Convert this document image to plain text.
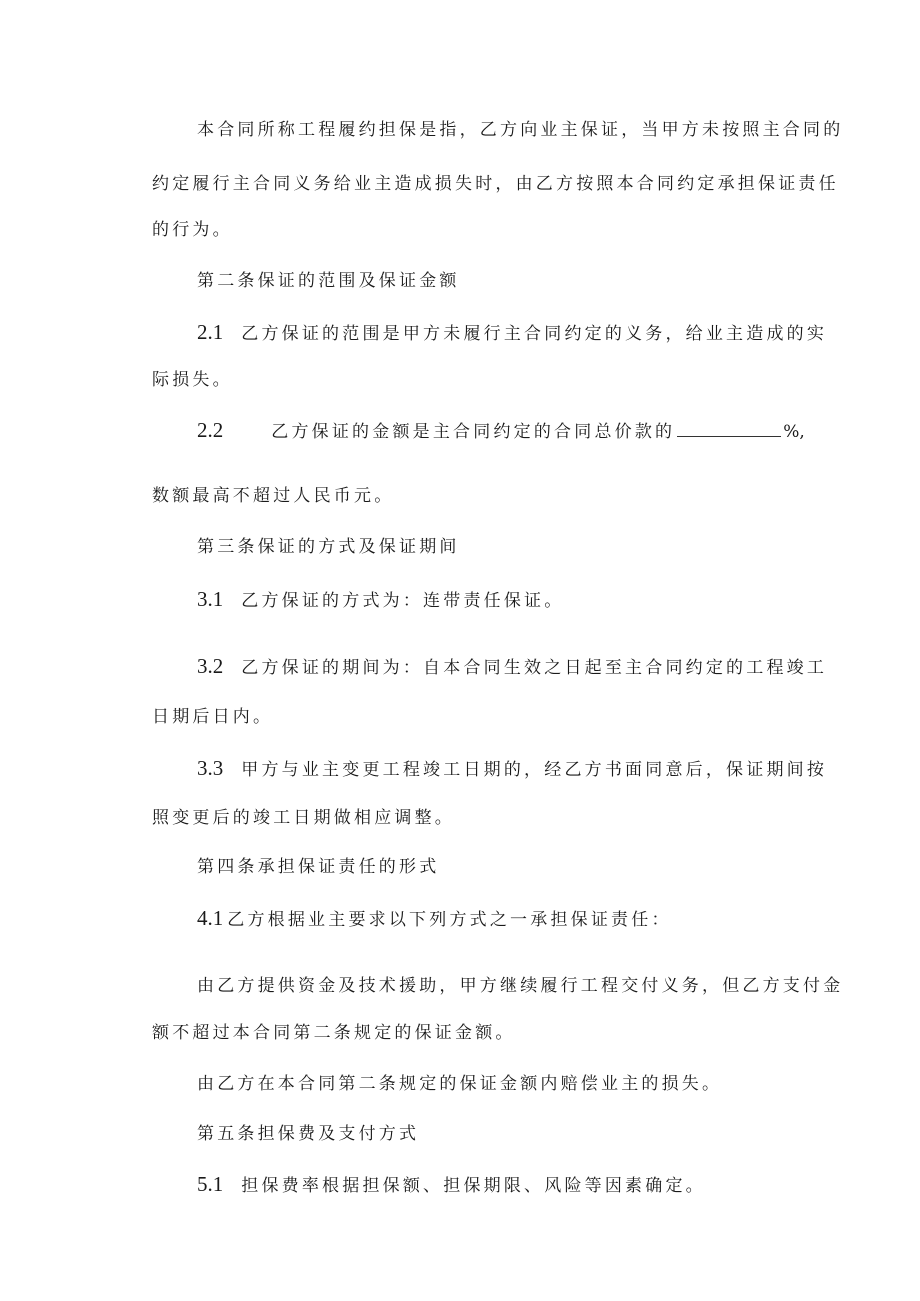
本合同所称工程履约担保是指，乙方向业主保证，当甲方未按照主合同的
约定履行主合同义务给业主造成损失时，由乙方按照本合同约定承担保证责任
的行为。
第二条保证的范围及保证金额
2.1 乙方保证的范围是甲方未履行主合同约定的义务，给业主造成的实
际损失。
2.2	乙方保证的金额是主合同约定的合同总价款的	%,
数额最高不超过人民币元。
第三条保证的方式及保证期间
3.1 乙方保证的方式为：连带责任保证。
3.2 乙方保证的期间为：自本合同生效之日起至主合同约定的工程竣工
日期后日内。
3.3 甲方与业主变更工程竣工日期的，经乙方书面同意后，保证期间按
照变更后的竣工日期做相应调整。
第四条承担保证责任的形式
4.1 乙方根据业主要求以下列方式之一承担保证责任：
由乙方提供资金及技术援助，甲方继续履行工程交付义务，但乙方支付金
额不超过本合同第二条规定的保证金额。
由乙方在本合同第二条规定的保证金额内赔偿业主的损失。
第五条担保费及支付方式
5.1 担保费率根据担保额、担保期限、风险等因素确定。
